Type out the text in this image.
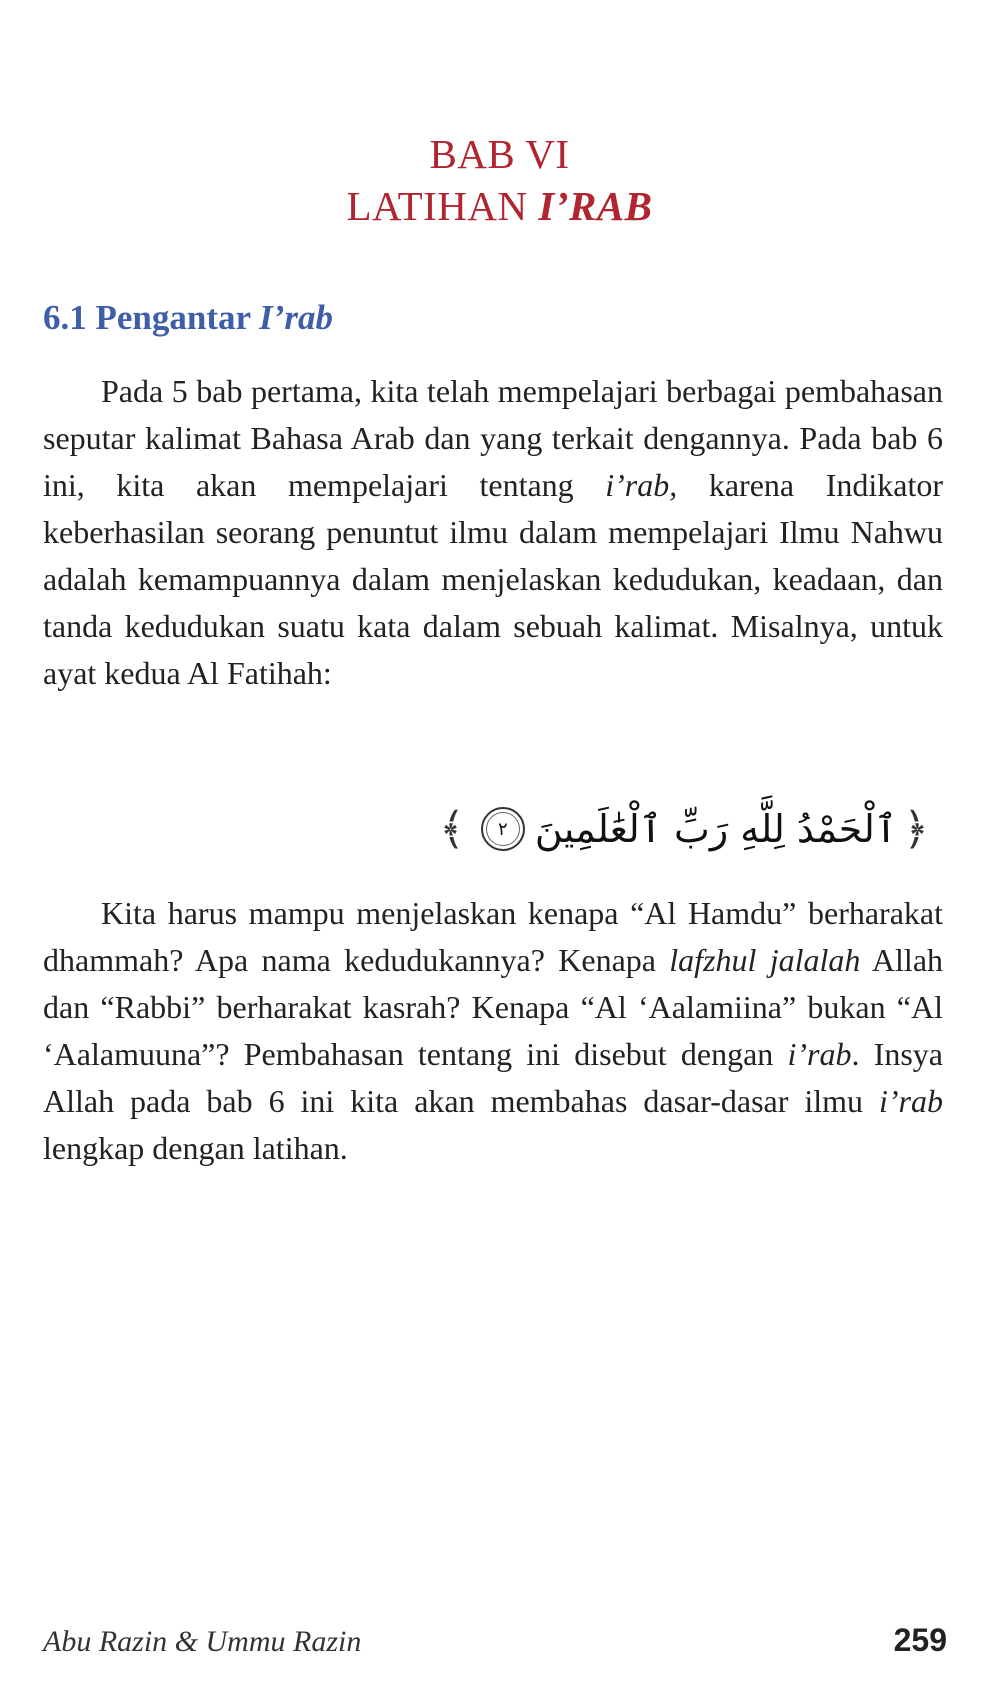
BAB VI
LATIHAN I’RAB
6.1 Pengantar I’rab

Pada 5 bab pertama, kita telah mempelajari berbagai pembahasan seputar kalimat Bahasa Arab dan yang terkait dengannya. Pada bab 6 ini, kita akan mempelajari tentang i’rab, karena Indikator keberhasilan seorang penuntut ilmu dalam mempelajari Ilmu Nahwu adalah kemampuannya dalam menjelaskan kedudukan, keadaan, dan tanda kedudukan suatu kata dalam sebuah kalimat. Misalnya, untuk ayat kedua Al Fatihah:

﴿
ٱلْحَمْدُ لِلَّهِ رَبِّ ٱلْعَٰلَمِينَ
٢
﴾

Kita harus mampu menjelaskan kenapa “Al Hamdu” berharakat dhammah? Apa nama kedudukannya? Kenapa lafzhul jalalah Allah dan “Rabbi” berharakat kasrah? Kenapa “Al ‘Aalamiina” bukan “Al ‘Aalamuuna”? Pembahasan tentang ini disebut dengan i’rab. Insya Allah pada bab 6 ini kita akan membahas dasar-dasar ilmu i’rab lengkap dengan latihan.

Abu Razin & Ummu Razin	259
